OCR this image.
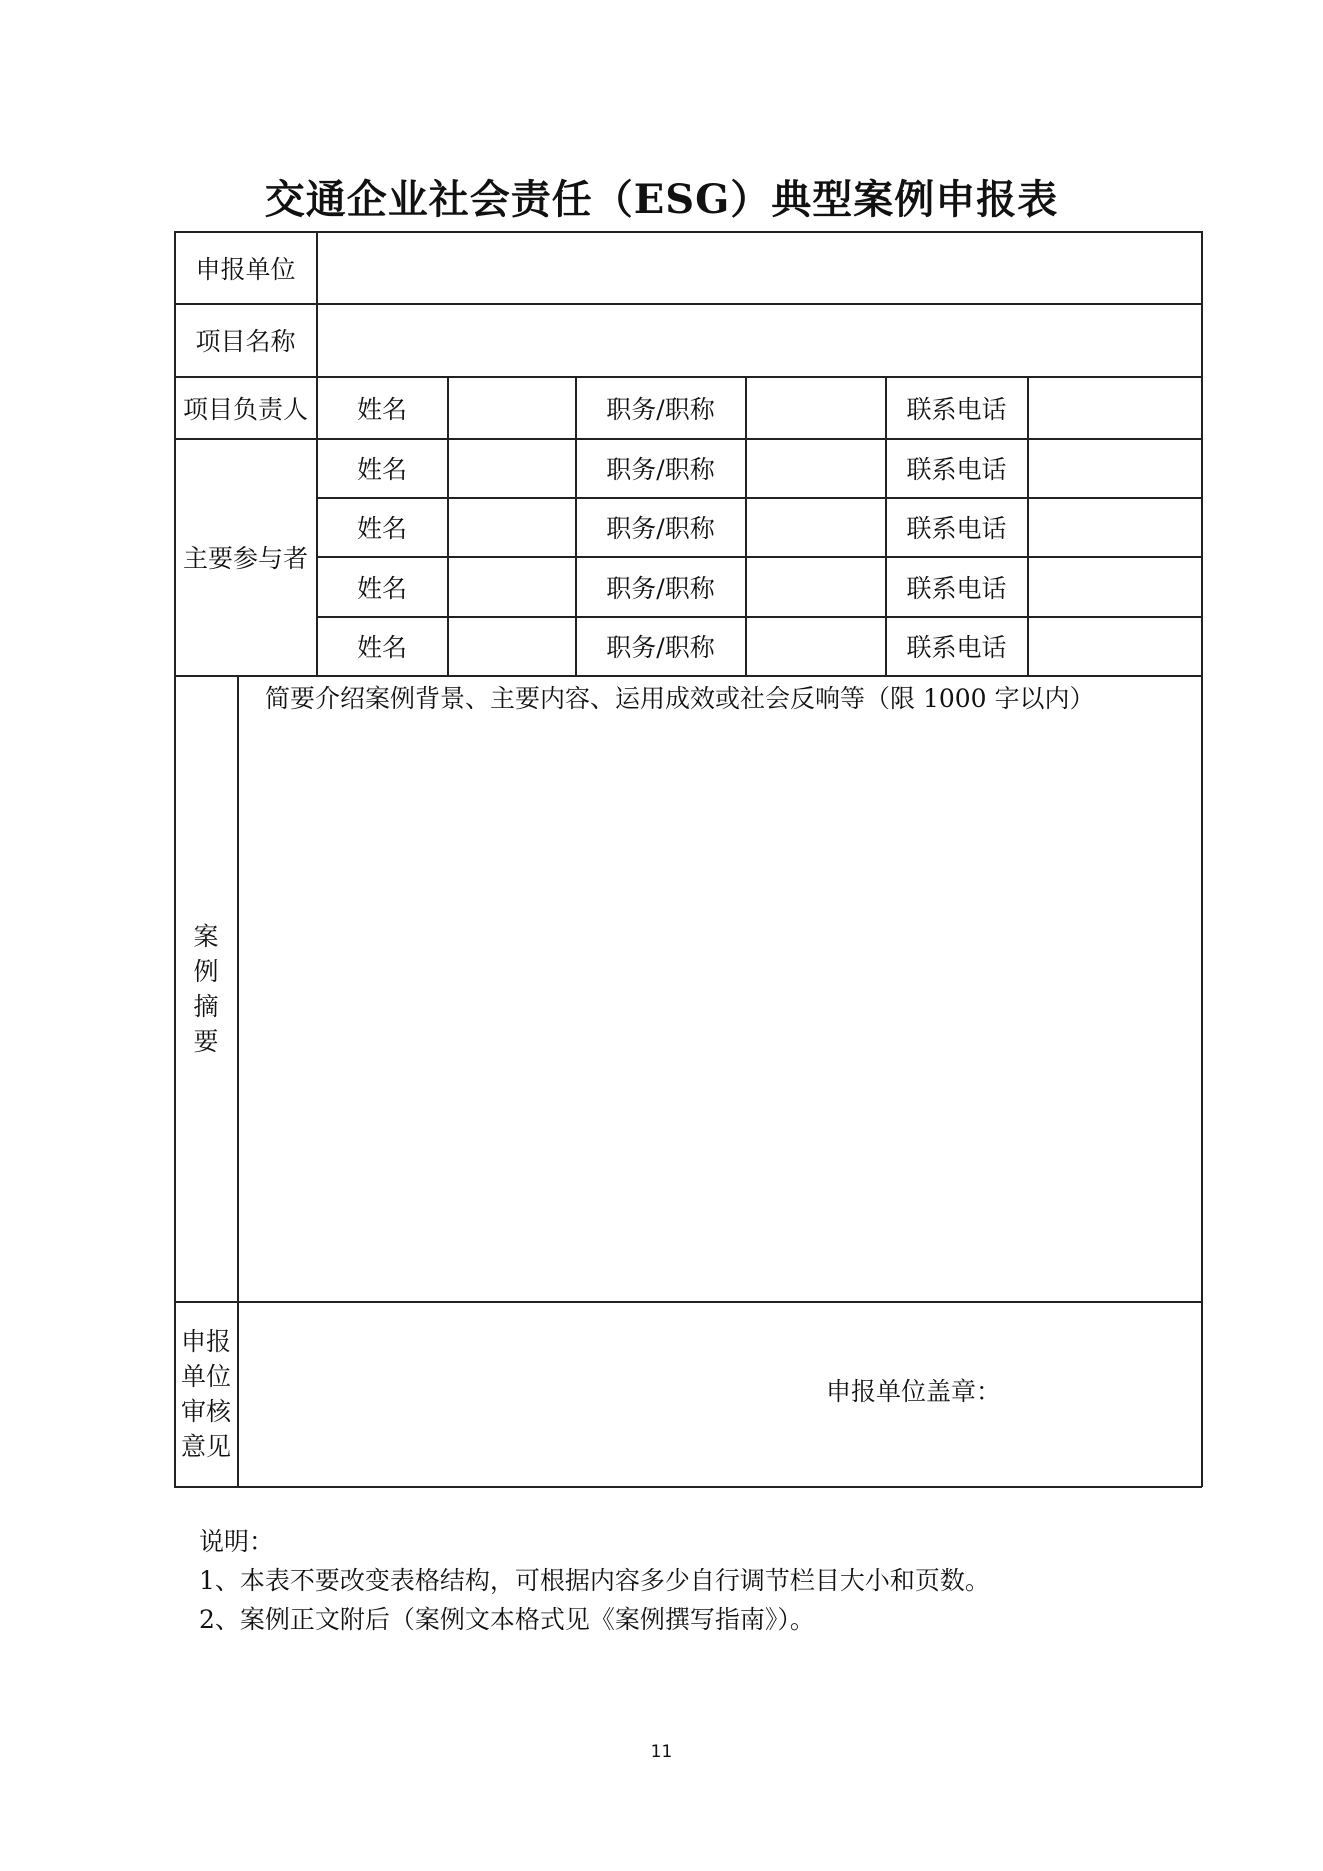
交通企业社会责任（ESG）典型案例申报表
申报单位
项目名称
项目负责人	姓名	职务/职称	联系电话
主要参与者
姓名	职务/职称	联系电话
姓名	职务/职称	联系电话
姓名	职务/职称	联系电话
姓名	职务/职称	联系电话
案
例
摘
要
简要介绍案例背景、主要内容、运用成效或社会反响等（限 1000 字以内）
申报
单位
审核
意见
申报单位盖章：
说明：
1、本表不要改变表格结构，可根据内容多少自行调节栏目大小和页数。
2、案例正文附后（案例文本格式见《案例撰写指南》）。
11
